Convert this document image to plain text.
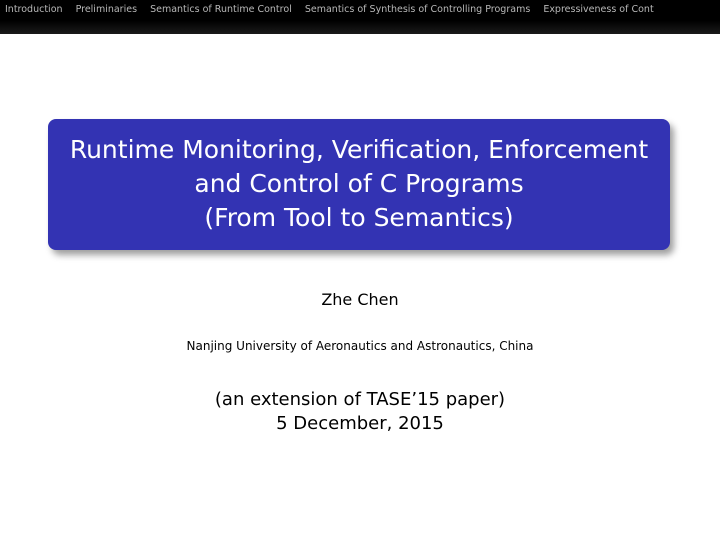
Introduction Preliminaries Semantics of Runtime Control Semantics of Synthesis of Controlling Programs Expressiveness of Cont
Runtime Monitoring, Verification, Enforcement
and Control of C Programs
(From Tool to Semantics)
Zhe Chen
Nanjing University of Aeronautics and Astronautics, China
(an extension of TASE’15 paper)
5 December, 2015
